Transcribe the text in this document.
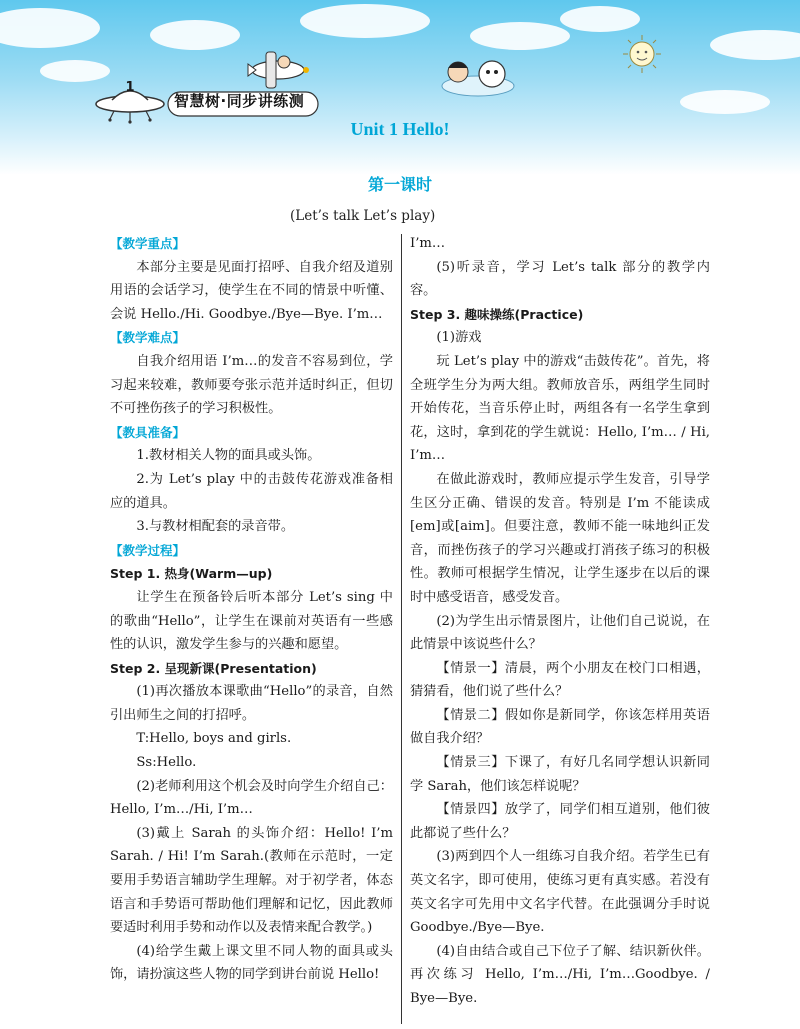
1
智慧树·同步讲练测
Unit 1 Hello!
第一课时
(Let’s talk Let’s play)

【教学重点】

本部分主要是见面打招呼、自我介绍及道别用语的会话学习，使学生在不同的情景中听懂、会说 Hello./Hi. Goodbye./Bye—Bye. I’m…

【教学难点】

自我介绍用语 I’m…的发音不容易到位，学习起来较难，教师要夸张示范并适时纠正，但切不可挫伤孩子的学习积极性。

【教具准备】

1.教材相关人物的面具或头饰。

2.为 Let’s play 中的击鼓传花游戏准备相应的道具。

3.与教材相配套的录音带。

【教学过程】

Step 1. 热身(Warm—up)

让学生在预备铃后听本部分 Let’s sing 中的歌曲“Hello”，让学生在课前对英语有一些感性的认识，激发学生参与的兴趣和愿望。

Step 2. 呈现新课(Presentation)

(1)再次播放本课歌曲“Hello”的录音，自然引出师生之间的打招呼。

T:Hello, boys and girls.

Ss:Hello.

(2)老师利用这个机会及时向学生介绍自己：Hello, I’m…/Hi, I’m…

(3)戴上 Sarah 的头饰介绍：Hello! I’m Sarah. / Hi! I’m Sarah.(教师在示范时，一定要用手势语言辅助学生理解。对于初学者，体态语言和手势语可帮助他们理解和记忆，因此教师要适时利用手势和动作以及表情来配合教学。)

(4)给学生戴上课文里不同人物的面具或头饰，请扮演这些人物的同学到讲台前说 Hello!

I’m…

(5)听录音，学习 Let’s talk 部分的教学内容。

Step 3. 趣味操练(Practice)

(1)游戏

玩 Let’s play 中的游戏“击鼓传花”。首先，将全班学生分为两大组。教师放音乐，两组学生同时开始传花，当音乐停止时，两组各有一名学生拿到花，这时，拿到花的学生就说：Hello, I’m… / Hi, I’m…

在做此游戏时，教师应提示学生发音，引导学生区分正确、错误的发音。特别是 I’m 不能读成[em]或[aim]。但要注意，教师不能一味地纠正发音，而挫伤孩子的学习兴趣或打消孩子练习的积极性。教师可根据学生情况，让学生逐步在以后的课时中感受语音，感受发音。

(2)为学生出示情景图片，让他们自己说说，在此情景中该说些什么？

【情景一】清晨，两个小朋友在校门口相遇，猜猜看，他们说了些什么？

【情景二】假如你是新同学，你该怎样用英语做自我介绍？

【情景三】下课了，有好几名同学想认识新同学 Sarah，他们该怎样说呢？

【情景四】放学了，同学们相互道别，他们彼此都说了些什么？

(3)两到四个人一组练习自我介绍。若学生已有英文名字，即可使用，使练习更有真实感。若没有英文名字可先用中文名字代替。在此强调分手时说 Goodbye./Bye—Bye.

(4)自由结合或自己下位子了解、结识新伙伴。再次练习 Hello, I’m…/Hi, I’m…Goodbye. / Bye—Bye.
